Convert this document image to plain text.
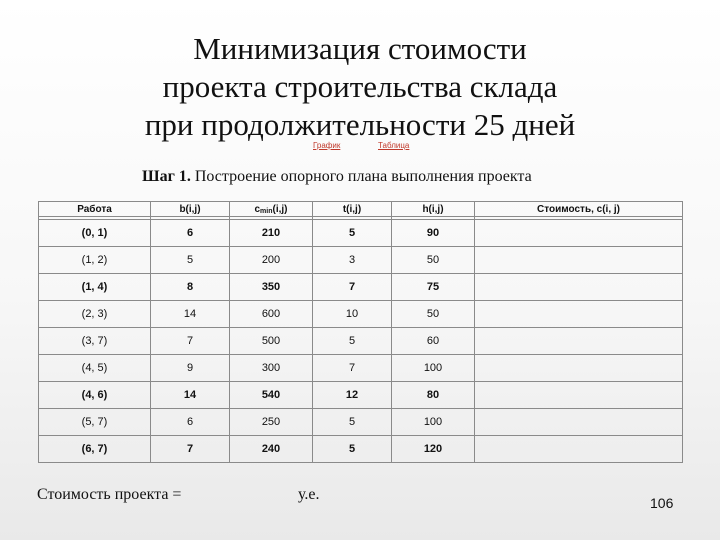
Минимизация стоимости
проекта строительства склада
при продолжительности 25 дней
График	Таблица
Шаг 1. Построение опорного плана выполнения проекта
Работа	b(i,j)	cmin(i,j)	t(i,j)	h(i,j)	Стоимость, c(i, j)

(0, 1)	6	210	5	90	
(1, 2)	5	200	3	50	
(1, 4)	8	350	7	75	
(2, 3)	14	600	10	50	
(3, 7)	7	500	5	60	
(4, 5)	9	300	7	100	
(4, 6)	14	540	12	80	
(5, 7)	6	250	5	100	
(6, 7)	7	240	5	120	
Стоимость проекта =	у.е.	106
